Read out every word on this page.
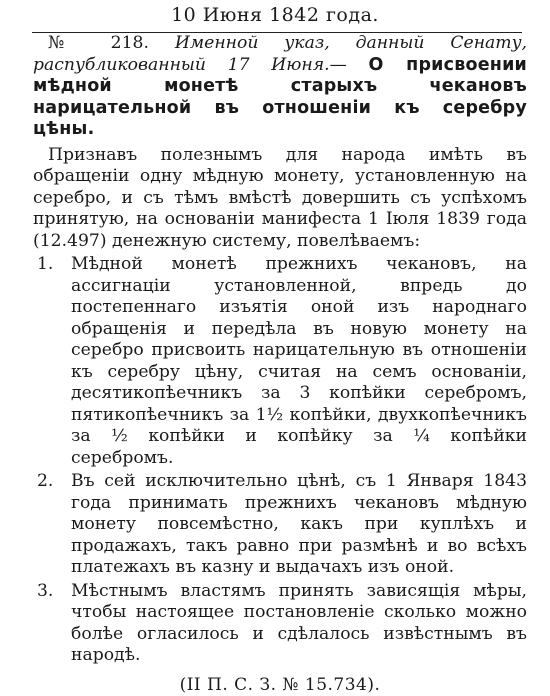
10 Июня 1842 года.

№ 218. Именной указ, данный Сенату, распубликованный 17 Июня.— О присвоении мѣдной монетѣ старыхъ чекановъ нарицательной въ отношеніи къ серебру цѣны.

Признавъ полезнымъ для народа имѣть въ обращеніи одну мѣдную монету, установленную на серебро, и съ тѣмъ вмѣстѣ довершить съ успѣхомъ принятую, на основаніи манифеста 1 Іюля 1839 года (12.497) денежную систему, повелѣваемъ:

1. Мѣдной монетѣ прежнихъ чекановъ, на ассигнаціи установленной, впредь до постепеннаго изъятія оной изъ народнаго обращенія и передѣла въ новую монету на серебро присвоить нарицательную въ отношеніи къ серебру цѣну, считая на семъ основаніи, десятикопѣечникъ за 3 копѣйки серебромъ, пятикопѣечникъ за 1½ копѣйки, двухкопѣечникъ за ½ копѣйки и копѣйку за ¼ копѣйки серебромъ.
2. Въ сей исключительно цѣнѣ, съ 1 Января 1843 года принимать прежнихъ чекановъ мѣдную монету повсемѣстно, какъ при куплѣхъ и продажахъ, такъ равно при размѣнѣ и во всѣхъ платежахъ въ казну и выдачахъ изъ оной.
3. Мѣстнымъ властямъ принять зависящія мѣры, чтобы настоящее постановленіе сколько можно болѣе огласилось и сдѣлалось извѣстнымъ въ народѣ.

(II П. С. З. № 15.734).
